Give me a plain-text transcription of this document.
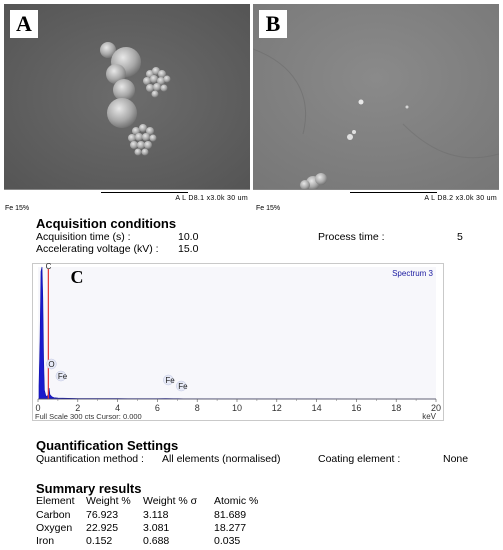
A
A L D8.1 x3.0k 30 um
Fe 15%
B
A L D8.2 x3.0k 30 um
Fe 15%
Acquisition conditions
Acquisition time (s) :	10.0
Accelerating voltage (kV) : 15.0
Process time :	5
0	2	4	6	8	10	12	14	16	18	20
keV
Full Scale 300 cts Cursor: 0.000
Spectrum 3
C
O
Fe	Fe
Fe
C
Quantification Settings
Quantification method : All elements (normalised)	Coating element :	None
Summary results
Element Weight % Weight % σ Atomic %
Carbon 76.923 3.118	81.689
Oxygen 22.925 3.081	18.277
Iron	0.152	0.688	0.035
